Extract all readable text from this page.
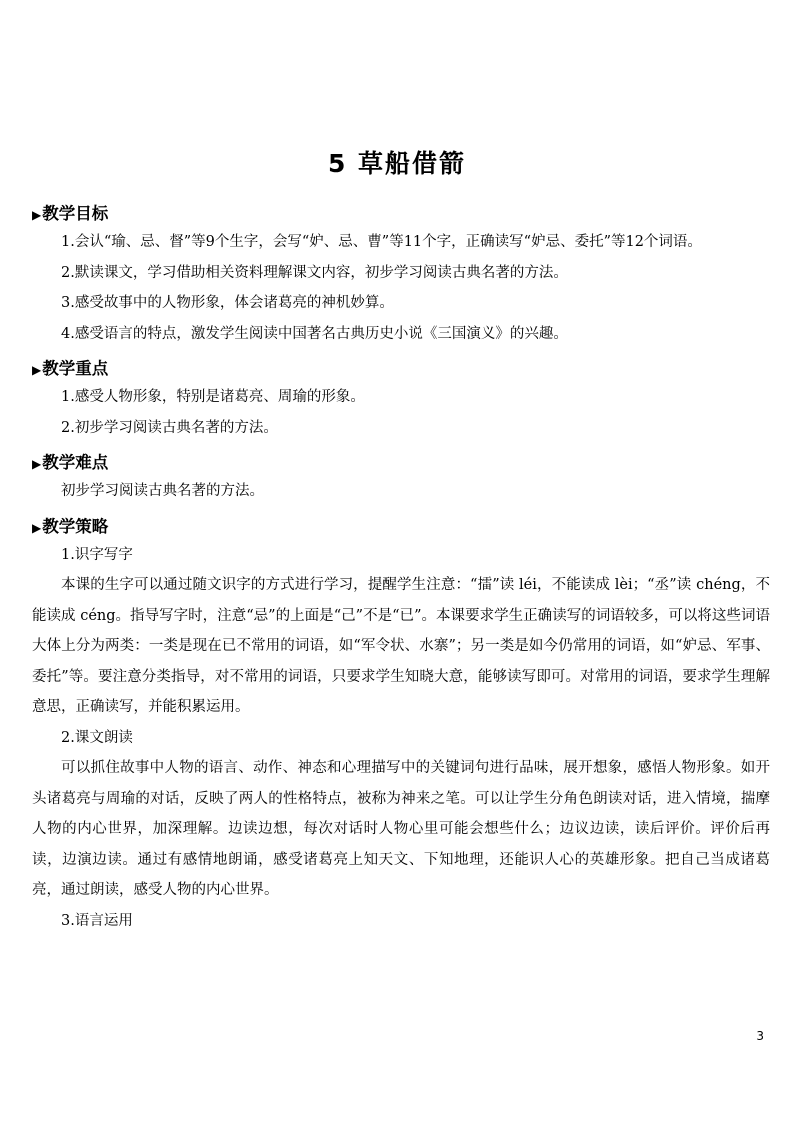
5 草船借箭
▶教学目标

1.会认“瑜、忌、督”等9个生字，会写“妒、忌、曹”等11个字，正确读写“妒忌、委托”等12个词语。

2.默读课文，学习借助相关资料理解课文内容，初步学习阅读古典名著的方法。

3.感受故事中的人物形象，体会诸葛亮的神机妙算。

4.感受语言的特点，激发学生阅读中国著名古典历史小说《三国演义》的兴趣。

▶教学重点

1.感受人物形象，特别是诸葛亮、周瑜的形象。

2.初步学习阅读古典名著的方法。

▶教学难点

初步学习阅读古典名著的方法。

▶教学策略

1.识字写字

本课的生字可以通过随文识字的方式进行学习，提醒学生注意：“擂”读 léi，不能读成 lèi；“丞”读 chéng，不能读成 céng。指导写字时，注意“忌”的上面是“己”不是“已”。本课要求学生正确读写的词语较多，可以将这些词语大体上分为两类：一类是现在已不常用的词语，如“军令状、水寨”；另一类是如今仍常用的词语，如“妒忌、军事、委托”等。要注意分类指导，对不常用的词语，只要求学生知晓大意，能够读写即可。对常用的词语，要求学生理解意思，正确读写，并能积累运用。

2.课文朗读

可以抓住故事中人物的语言、动作、神态和心理描写中的关键词句进行品味，展开想象，感悟人物形象。如开头诸葛亮与周瑜的对话，反映了两人的性格特点，被称为神来之笔。可以让学生分角色朗读对话，进入情境，揣摩人物的内心世界，加深理解。边读边想，每次对话时人物心里可能会想些什么；边议边读，读后评价。评价后再读，边演边读。通过有感情地朗诵，感受诸葛亮上知天文、下知地理，还能识人心的英雄形象。把自己当成诸葛亮，通过朗读，感受人物的内心世界。

3.语言运用

3
